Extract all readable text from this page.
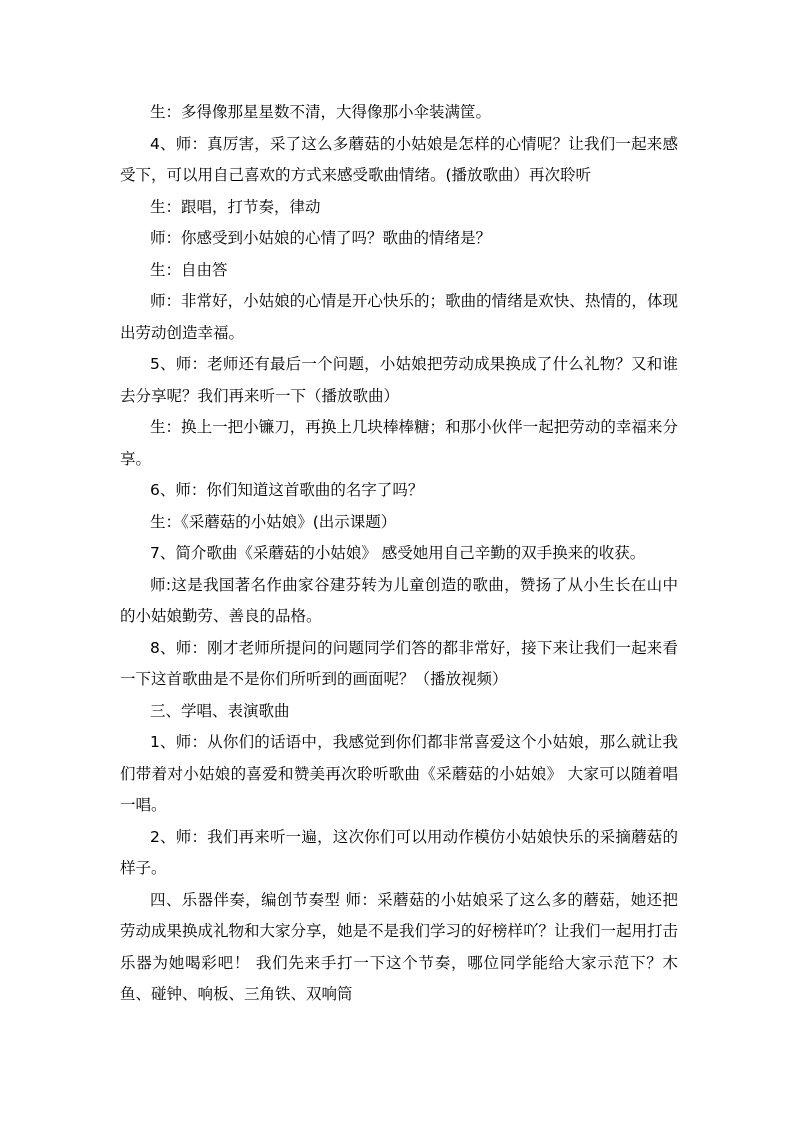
生：多得像那星星数不清，大得像那小伞装满筐。

4、师：真厉害，采了这么多蘑菇的小姑娘是怎样的心情呢？让我们一起来感受下，可以用自己喜欢的方式来感受歌曲情绪。(播放歌曲）再次聆听

生：跟唱，打节奏，律动

师：你感受到小姑娘的心情了吗？歌曲的情绪是？

生：自由答

师：非常好，小姑娘的心情是开心快乐的；歌曲的情绪是欢快、热情的，体现出劳动创造幸福。

5、师：老师还有最后一个问题，小姑娘把劳动成果换成了什么礼物？又和谁去分享呢？我们再来听一下（播放歌曲）

生：换上一把小镰刀，再换上几块棒棒糖；和那小伙伴一起把劳动的幸福来分享。

6、师：你们知道这首歌曲的名字了吗？

生：《采蘑菇的小姑娘》(出示课题）

7、简介歌曲《采蘑菇的小姑娘》 感受她用自己辛勤的双手换来的收获。

师:这是我国著名作曲家谷建芬转为儿童创造的歌曲，赞扬了从小生长在山中的小姑娘勤劳、善良的品格。

8、师：刚才老师所提问的问题同学们答的都非常好，接下来让我们一起来看一下这首歌曲是不是你们所听到的画面呢？（播放视频）

三、学唱、表演歌曲

1、师：从你们的话语中，我感觉到你们都非常喜爱这个小姑娘，那么就让我们带着对小姑娘的喜爱和赞美再次聆听歌曲《采蘑菇的小姑娘》 大家可以随着唱一唱。

2、师：我们再来听一遍，这次你们可以用动作模仿小姑娘快乐的采摘蘑菇的样子。

四、乐器伴奏，编创节奏型 师：采蘑菇的小姑娘采了这么多的蘑菇，她还把劳动成果换成礼物和大家分享，她是不是我们学习的好榜样吖？让我们一起用打击乐器为她喝彩吧！ 我们先来手打一下这个节奏，哪位同学能给大家示范下？木鱼、碰钟、响板、三角铁、双响筒
